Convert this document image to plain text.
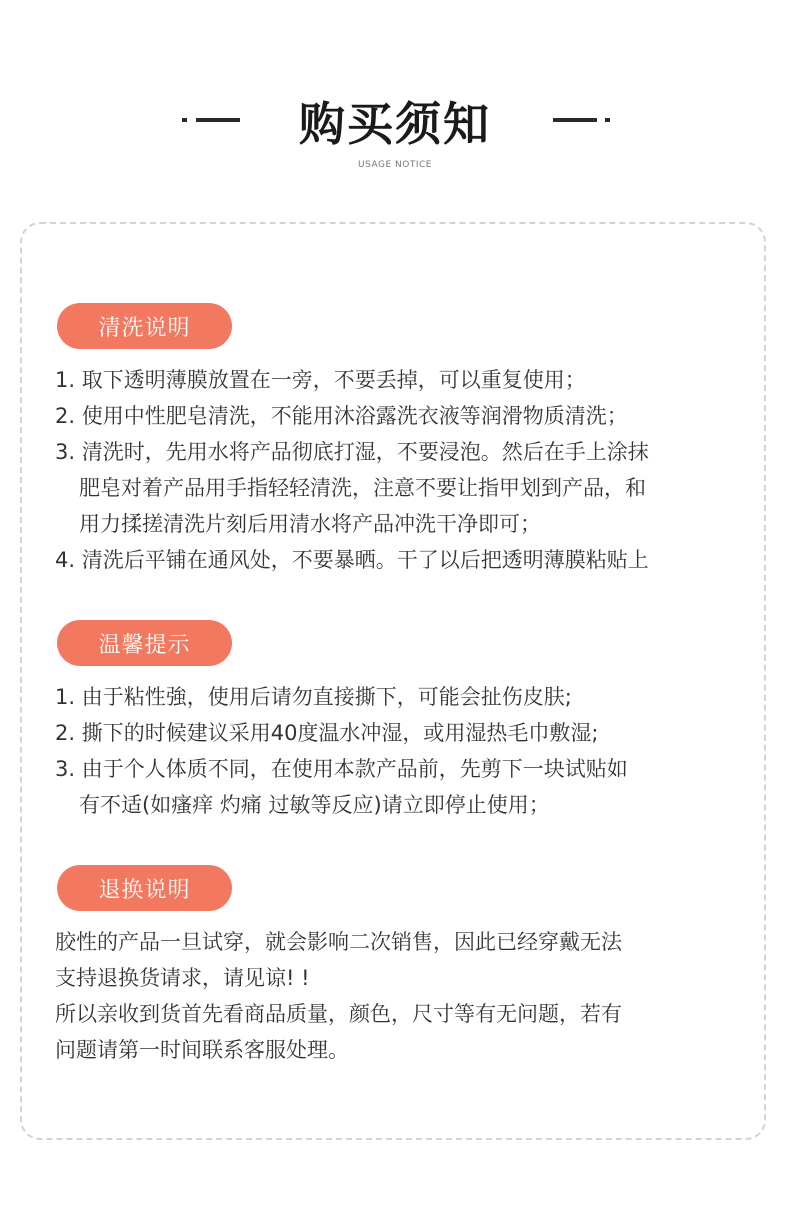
购买须知
USAGE NOTICE
清洗说明
1. 取下透明薄膜放置在一旁，不要丢掉，可以重复使用；
2. 使用中性肥皂清洗，不能用沐浴露洗衣液等润滑物质清洗；
3. 清洗时，先用水将产品彻底打湿，不要浸泡。然后在手上涂抹
肥皂对着产品用手指轻轻清洗，注意不要让指甲划到产品，和
用力揉搓清洗片刻后用清水将产品冲洗干净即可；
4. 清洗后平铺在通风处，不要暴晒。干了以后把透明薄膜粘贴上
温馨提示
1. 由于粘性強，使用后请勿直接撕下，可能会扯伤皮肤;
2. 撕下的时候建议采用40度温水冲湿，或用湿热毛巾敷湿;
3. 由于个人体质不同，在使用本款产品前，先剪下一块试贴如
有不适(如瘙痒 灼痛 过敏等反应)请立即停止使用；
退换说明
胶性的产品一旦试穿，就会影响二次销售，因此已经穿戴无法
支持退换货请求，请见谅! !
所以亲收到货首先看商品质量，颜色，尺寸等有无问题，若有
问题请第一时间联系客服处理。
